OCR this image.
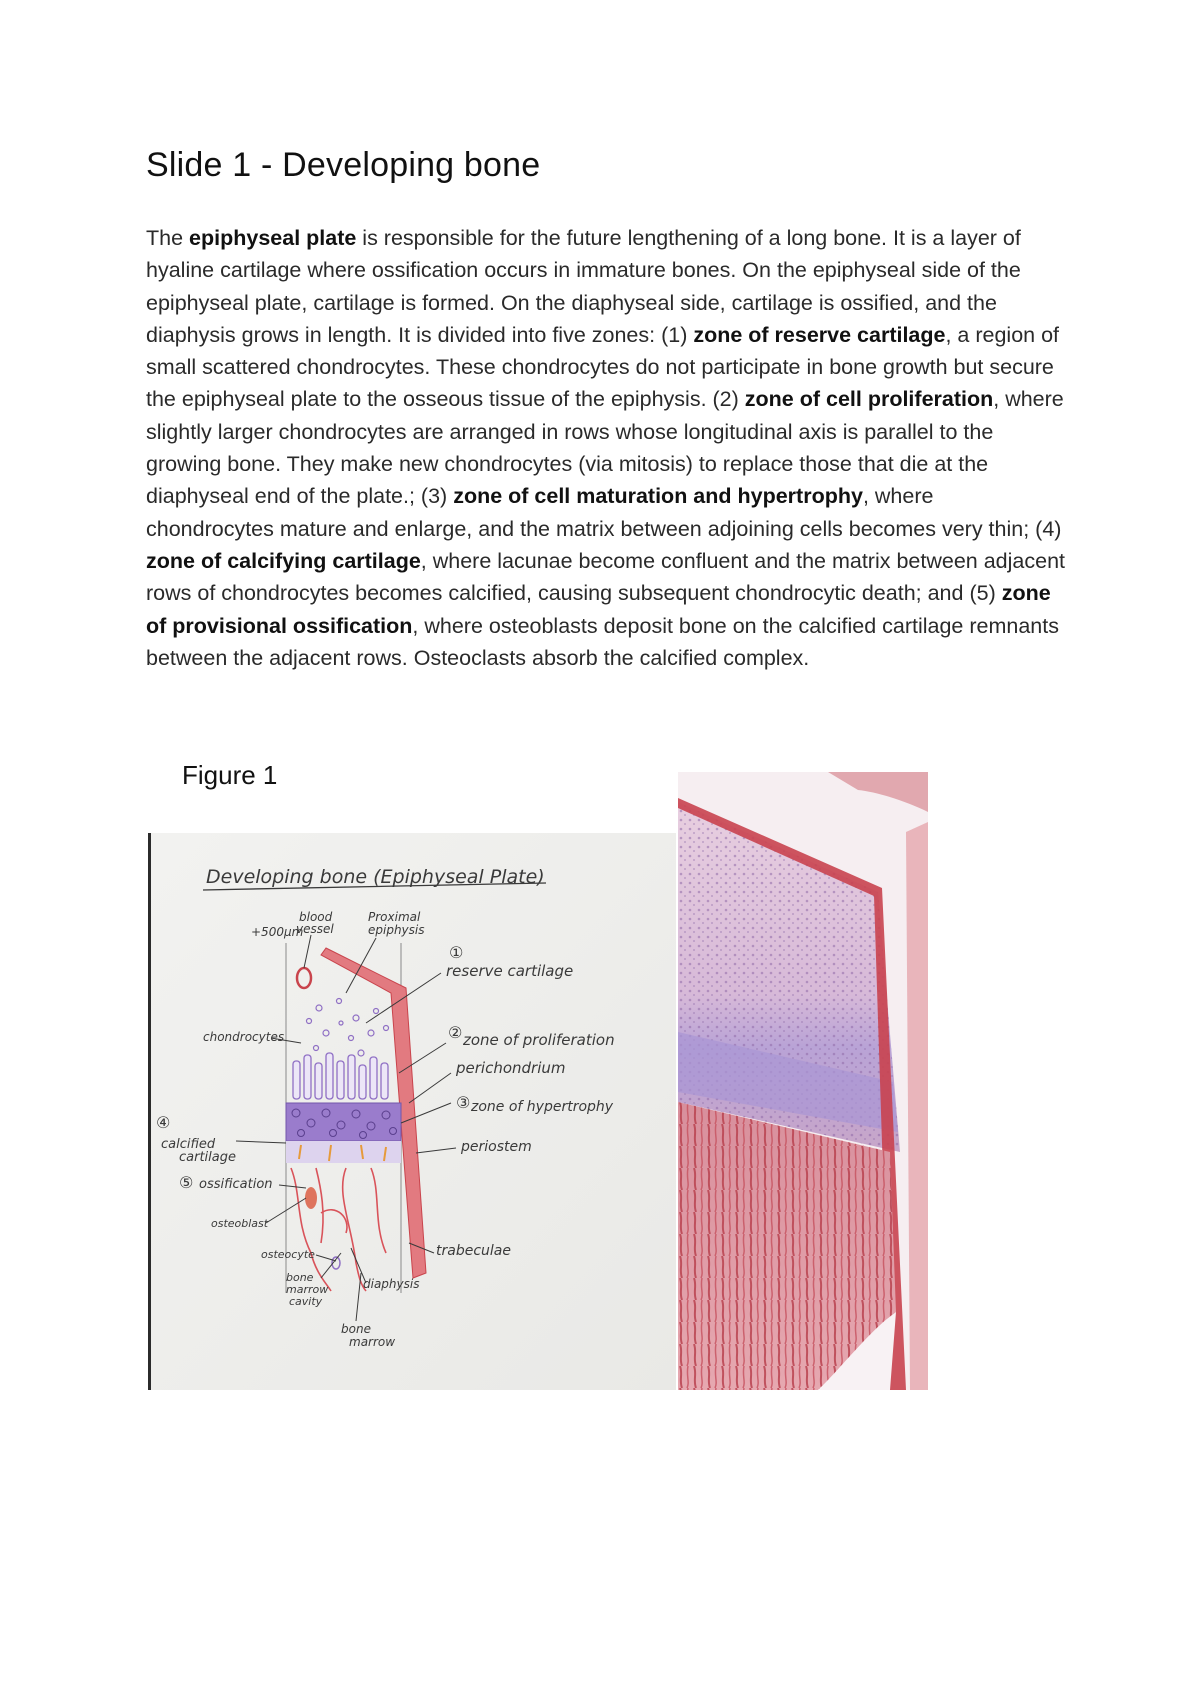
Slide 1 - Developing bone

The epiphyseal plate is responsible for the future lengthening of a long bone. It is a layer of hyaline cartilage where ossification occurs in immature bones. On the epiphyseal side of the epiphyseal plate, cartilage is formed. On the diaphyseal side, cartilage is ossified, and the diaphysis grows in length. It is divided into five zones: (1) zone of reserve cartilage, a region of small scattered chondrocytes. These chondrocytes do not participate in bone growth but secure the epiphyseal plate to the osseous tissue of the epiphysis. (2) zone of cell proliferation, where slightly larger chondrocytes are arranged in rows whose longitudinal axis is parallel to the growing bone. They make new chondrocytes (via mitosis) to replace those that die at the diaphyseal end of the plate.; (3) zone of cell maturation and hypertrophy, where chondrocytes mature and enlarge, and the matrix between adjoining cells becomes very thin; (4) zone of calcifying cartilage, where lacunae become confluent and the matrix between adjacent rows of chondrocytes becomes calcified, causing subsequent chondrocytic death; and (5) zone of provisional ossification, where osteoblasts deposit bone on the calcified cartilage remnants between the adjacent rows. Osteoclasts absorb the calcified complex.

Figure 1
Developing bone (Epiphyseal Plate)
+500μm
blood
vessel
Proximal
epiphysis
①
reserve cartilage
chondrocytes	② zone of proliferation
perichondrium
③ zone of hypertrophy
④
calcified
cartilage
periostem
⑤ ossification
osteoblast
osteocyte	trabeculae
bone
marrow
cavity
diaphysis
bone
marrow
